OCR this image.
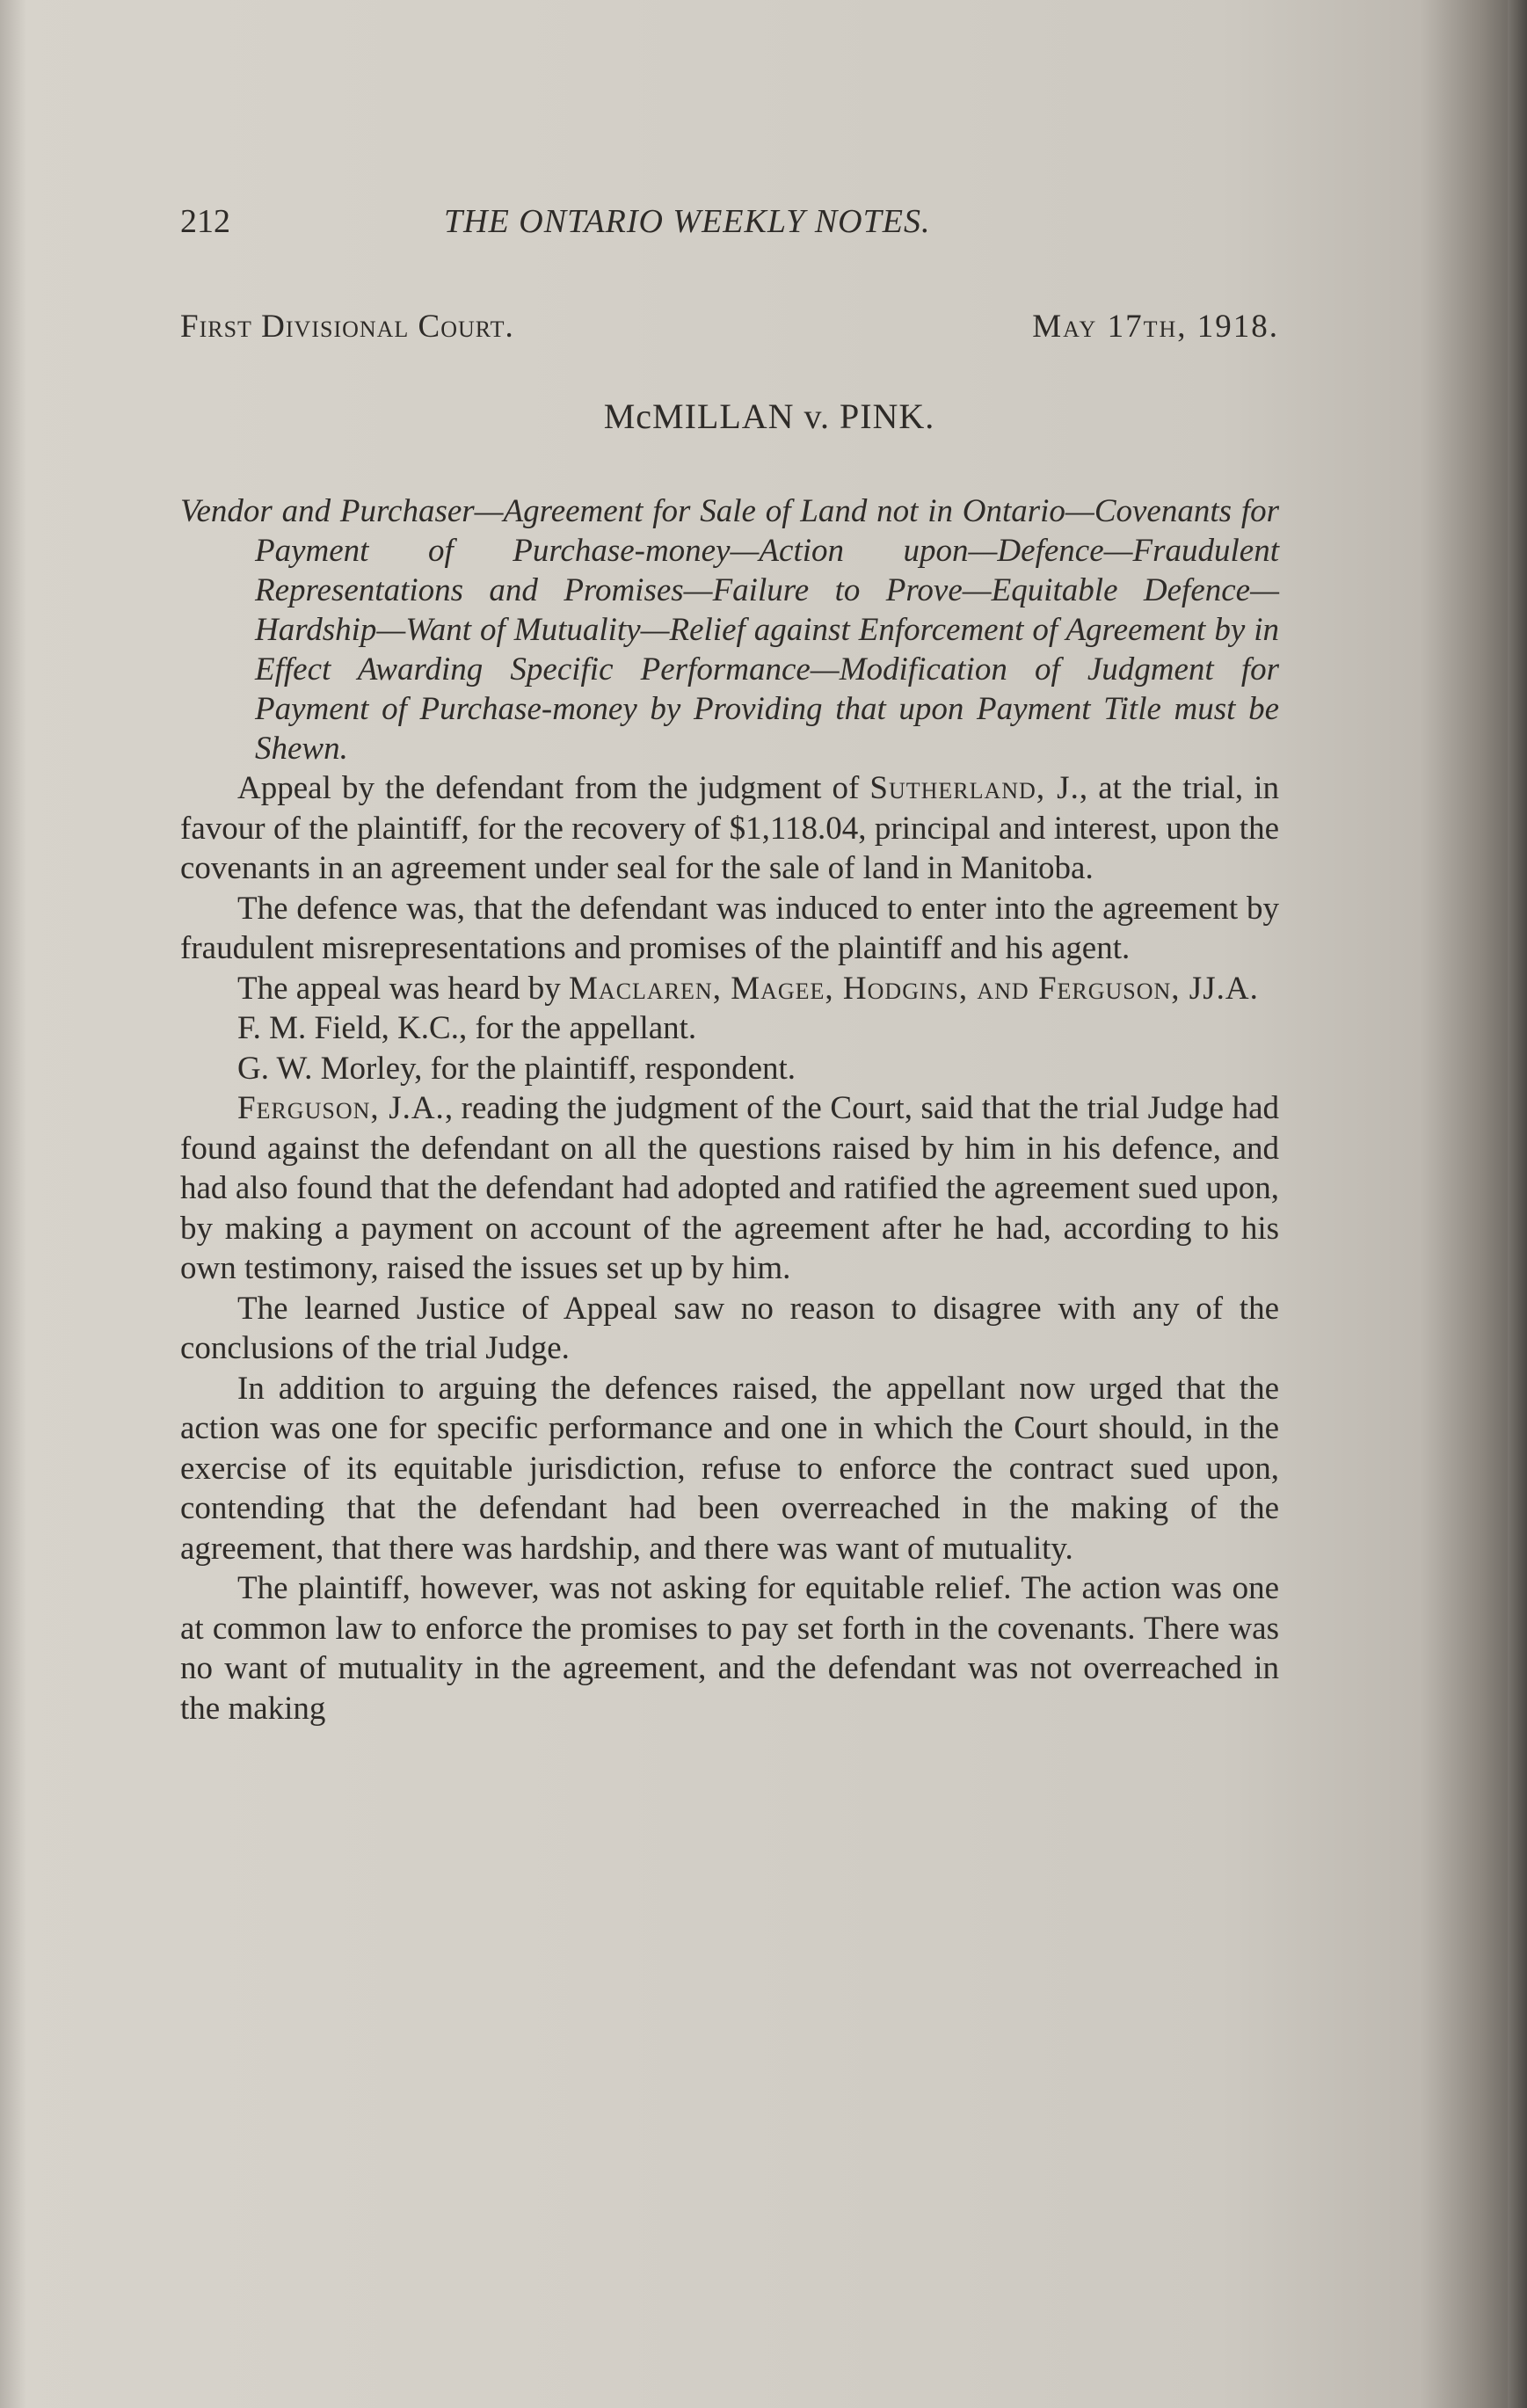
212	THE ONTARIO WEEKLY NOTES.
First Divisional Court.	May 17th, 1918.
McMILLAN v. PINK.

Vendor and Purchaser—Agreement for Sale of Land not in Ontario—Covenants for Payment of Purchase-money—Action upon—Defence—Fraudulent Representations and Promises—Failure to Prove—Equitable Defence—Hardship—Want of Mutuality—Relief against Enforcement of Agreement by in Effect Awarding Specific Performance—Modification of Judgment for Payment of Purchase-money by Providing that upon Payment Title must be Shewn.

Appeal by the defendant from the judgment of Sutherland, J., at the trial, in favour of the plaintiff, for the recovery of $1,118.04, principal and interest, upon the covenants in an agreement under seal for the sale of land in Manitoba.

The defence was, that the defendant was induced to enter into the agreement by fraudulent misrepresentations and promises of the plaintiff and his agent.

The appeal was heard by Maclaren, Magee, Hodgins, and Ferguson, JJ.A.

F. M. Field, K.C., for the appellant.

G. W. Morley, for the plaintiff, respondent.

Ferguson, J.A., reading the judgment of the Court, said that the trial Judge had found against the defendant on all the questions raised by him in his defence, and had also found that the defendant had adopted and ratified the agreement sued upon, by making a payment on account of the agreement after he had, according to his own testimony, raised the issues set up by him.

The learned Justice of Appeal saw no reason to disagree with any of the conclusions of the trial Judge.

In addition to arguing the defences raised, the appellant now urged that the action was one for specific performance and one in which the Court should, in the exercise of its equitable jurisdiction, refuse to enforce the contract sued upon, contending that the defendant had been overreached in the making of the agreement, that there was hardship, and there was want of mutuality.

The plaintiff, however, was not asking for equitable relief. The action was one at common law to enforce the promises to pay set forth in the covenants. There was no want of mutuality in the agreement, and the defendant was not overreached in the making
